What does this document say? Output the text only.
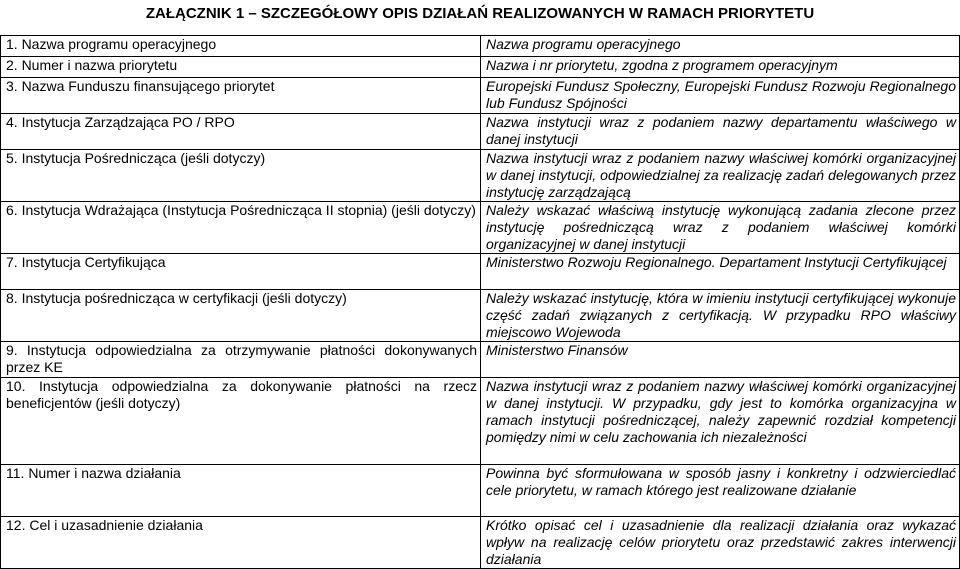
ZAŁĄCZNIK 1 – SZCZEGÓŁOWY OPIS DZIAŁAŃ REALIZOWANYCH W RAMACH PRIORYTETU
1. Nazwa programu operacyjnego	Nazwa programu operacyjnego
2. Numer i nazwa priorytetu	Nazwa i nr priorytetu, zgodna z programem operacyjnym
3. Nazwa Funduszu finansującego priorytet	Europejski Fundusz Społeczny, Europejski Fundusz Rozwoju Regionalnego lub Fundusz Spójności
4. Instytucja Zarządzająca PO / RPO	Nazwa instytucji wraz z podaniem nazwy departamentu właściwego w danej instytucji
5. Instytucja Pośrednicząca (jeśli dotyczy)	Nazwa instytucji wraz z podaniem nazwy właściwej komórki organizacyjnej w danej instytucji, odpowiedzialnej za realizację zadań delegowanych przez instytucję zarządzającą
6. Instytucja Wdrażająca (Instytucja Pośrednicząca II stopnia) (jeśli dotyczy)	Należy wskazać właściwą instytucję wykonującą zadania zlecone przez instytucję pośredniczącą wraz z podaniem właściwej komórki organizacyjnej w danej instytucji
7. Instytucja Certyfikująca	Ministerstwo Rozwoju Regionalnego. Departament Instytucji Certyfikującej
8. Instytucja pośrednicząca w certyfikacji (jeśli dotyczy)	Należy wskazać instytucję, która w imieniu instytucji certyfikującej wykonuje część zadań związanych z certyfikacją. W przypadku RPO właściwy miejscowo Wojewoda
9. Instytucja odpowiedzialna za otrzymywanie płatności dokonywanych przez KE	Ministerstwo Finansów
10. Instytucja odpowiedzialna za dokonywanie płatności na rzecz beneficjentów (jeśli dotyczy)	Nazwa instytucji wraz z podaniem nazwy właściwej komórki organizacyjnej w danej instytucji. W przypadku, gdy jest to komórka organizacyjna w ramach instytucji pośredniczącej, należy zapewnić rozdział kompetencji pomiędzy nimi w celu zachowania ich niezależności
11. Numer i nazwa działania	Powinna być sformułowana w sposób jasny i konkretny i odzwierciedlać cele priorytetu, w ramach którego jest realizowane działanie
12. Cel i uzasadnienie działania	Krótko opisać cel i uzasadnienie dla realizacji działania oraz wykazać wpływ na realizację celów priorytetu oraz przedstawić zakres interwencji działania
